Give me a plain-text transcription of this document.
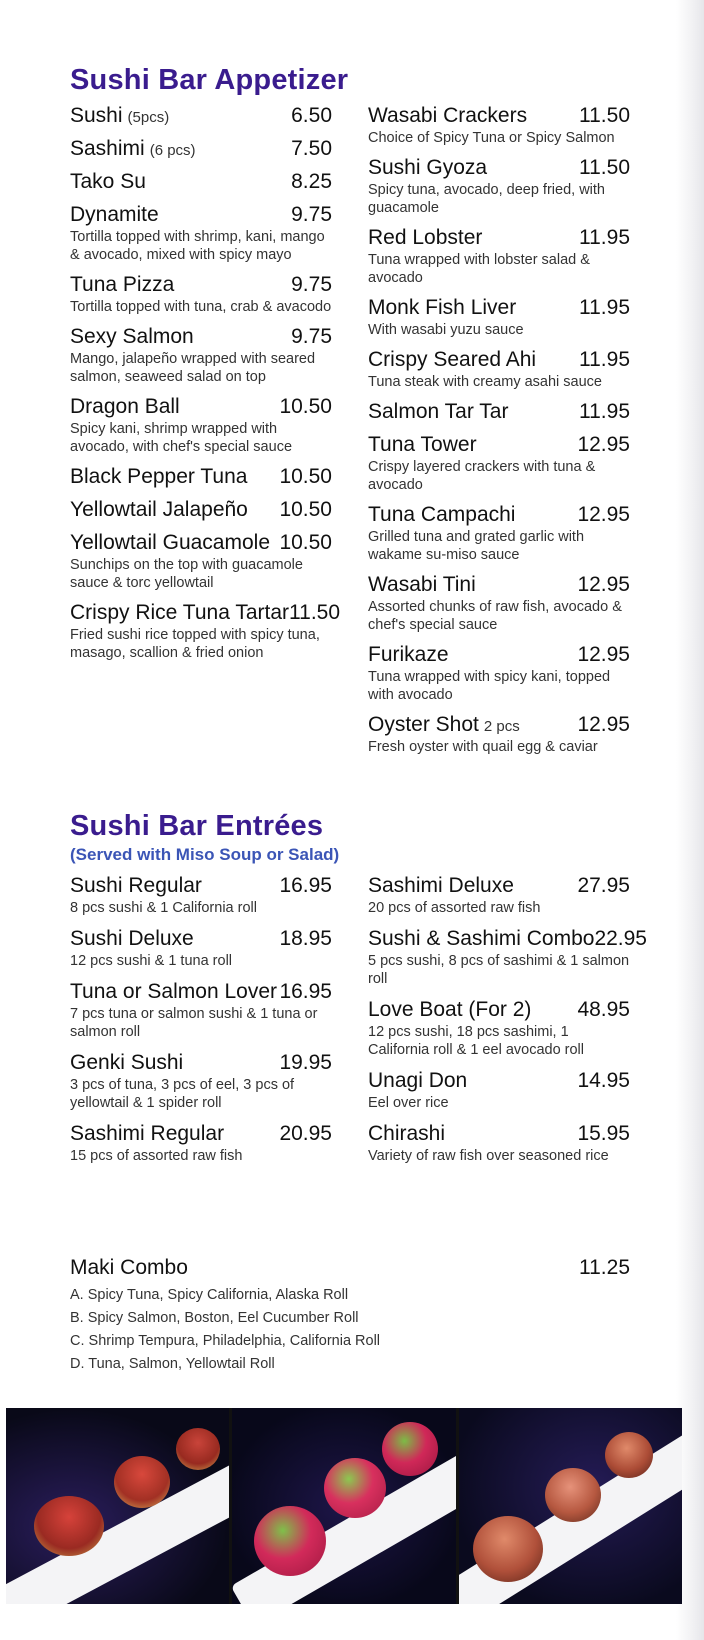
Sushi Bar Appetizer
Sushi (5pcs)	6.50
Sashimi (6 pcs)	7.50
Tako Su	8.25
Dynamite	9.75
Tortilla topped with shrimp, kani, mango & avocado, mixed with spicy mayo
Tuna Pizza	9.75
Tortilla topped with tuna, crab & avacodo
Sexy Salmon	9.75
Mango, jalapeño wrapped with seared salmon, seaweed salad on top
Dragon Ball	10.50
Spicy kani, shrimp wrapped with avocado, with chef's special sauce
Black Pepper Tuna 10.50
Yellowtail Jalapeño 10.50
Yellowtail Guacamole 10.50
Sunchips on the top with guacamole sauce & torc yellowtail
Crispy Rice Tuna Tartar 11.50
Fried sushi rice topped with spicy tuna, masago, scallion & fried onion
Wasabi Crackers 11.50
Choice of Spicy Tuna or Spicy Salmon
Sushi Gyoza	11.50
Spicy tuna, avocado, deep fried, with guacamole
Red Lobster	11.95
Tuna wrapped with lobster salad & avocado
Monk Fish Liver	11.95
With wasabi yuzu sauce
Crispy Seared Ahi 11.95
Tuna steak with creamy asahi sauce
Salmon Tar Tar	11.95
Tuna Tower	12.95
Crispy layered crackers with tuna & avocado
Tuna Campachi	12.95
Grilled tuna and grated garlic with wakame su-miso sauce
Wasabi Tini	12.95
Assorted chunks of raw fish, avocado & chef's special sauce
Furikaze	12.95
Tuna wrapped with spicy kani, topped with avocado
Oyster Shot 2 pcs	12.95
Fresh oyster with quail egg & caviar
Sushi Bar Entrées
(Served with Miso Soup or Salad)
Sushi Regular	16.95
8 pcs sushi & 1 California roll
Sushi Deluxe	18.95
12 pcs sushi & 1 tuna roll
Tuna or Salmon Lover 16.95
7 pcs tuna or salmon sushi & 1 tuna or salmon roll
Genki Sushi	19.95
3 pcs of tuna, 3 pcs of eel, 3 pcs of yellowtail & 1 spider roll
Sashimi Regular	20.95
15 pcs of assorted raw fish
Sashimi Deluxe	27.95
20 pcs of assorted raw fish
Sushi & Sashimi Combo 22.95
5 pcs sushi, 8 pcs of sashimi & 1 salmon roll
Love Boat (For 2) 48.95
12 pcs sushi, 18 pcs sashimi, 1 California roll & 1 eel avocado roll
Unagi Don	14.95
Eel over rice
Chirashi	15.95
Variety of raw fish over seasoned rice
Maki Combo	11.25
A. Spicy Tuna, Spicy California, Alaska Roll
B. Spicy Salmon, Boston, Eel Cucumber Roll
C. Shrimp Tempura, Philadelphia, California Roll
D. Tuna, Salmon, Yellowtail Roll
